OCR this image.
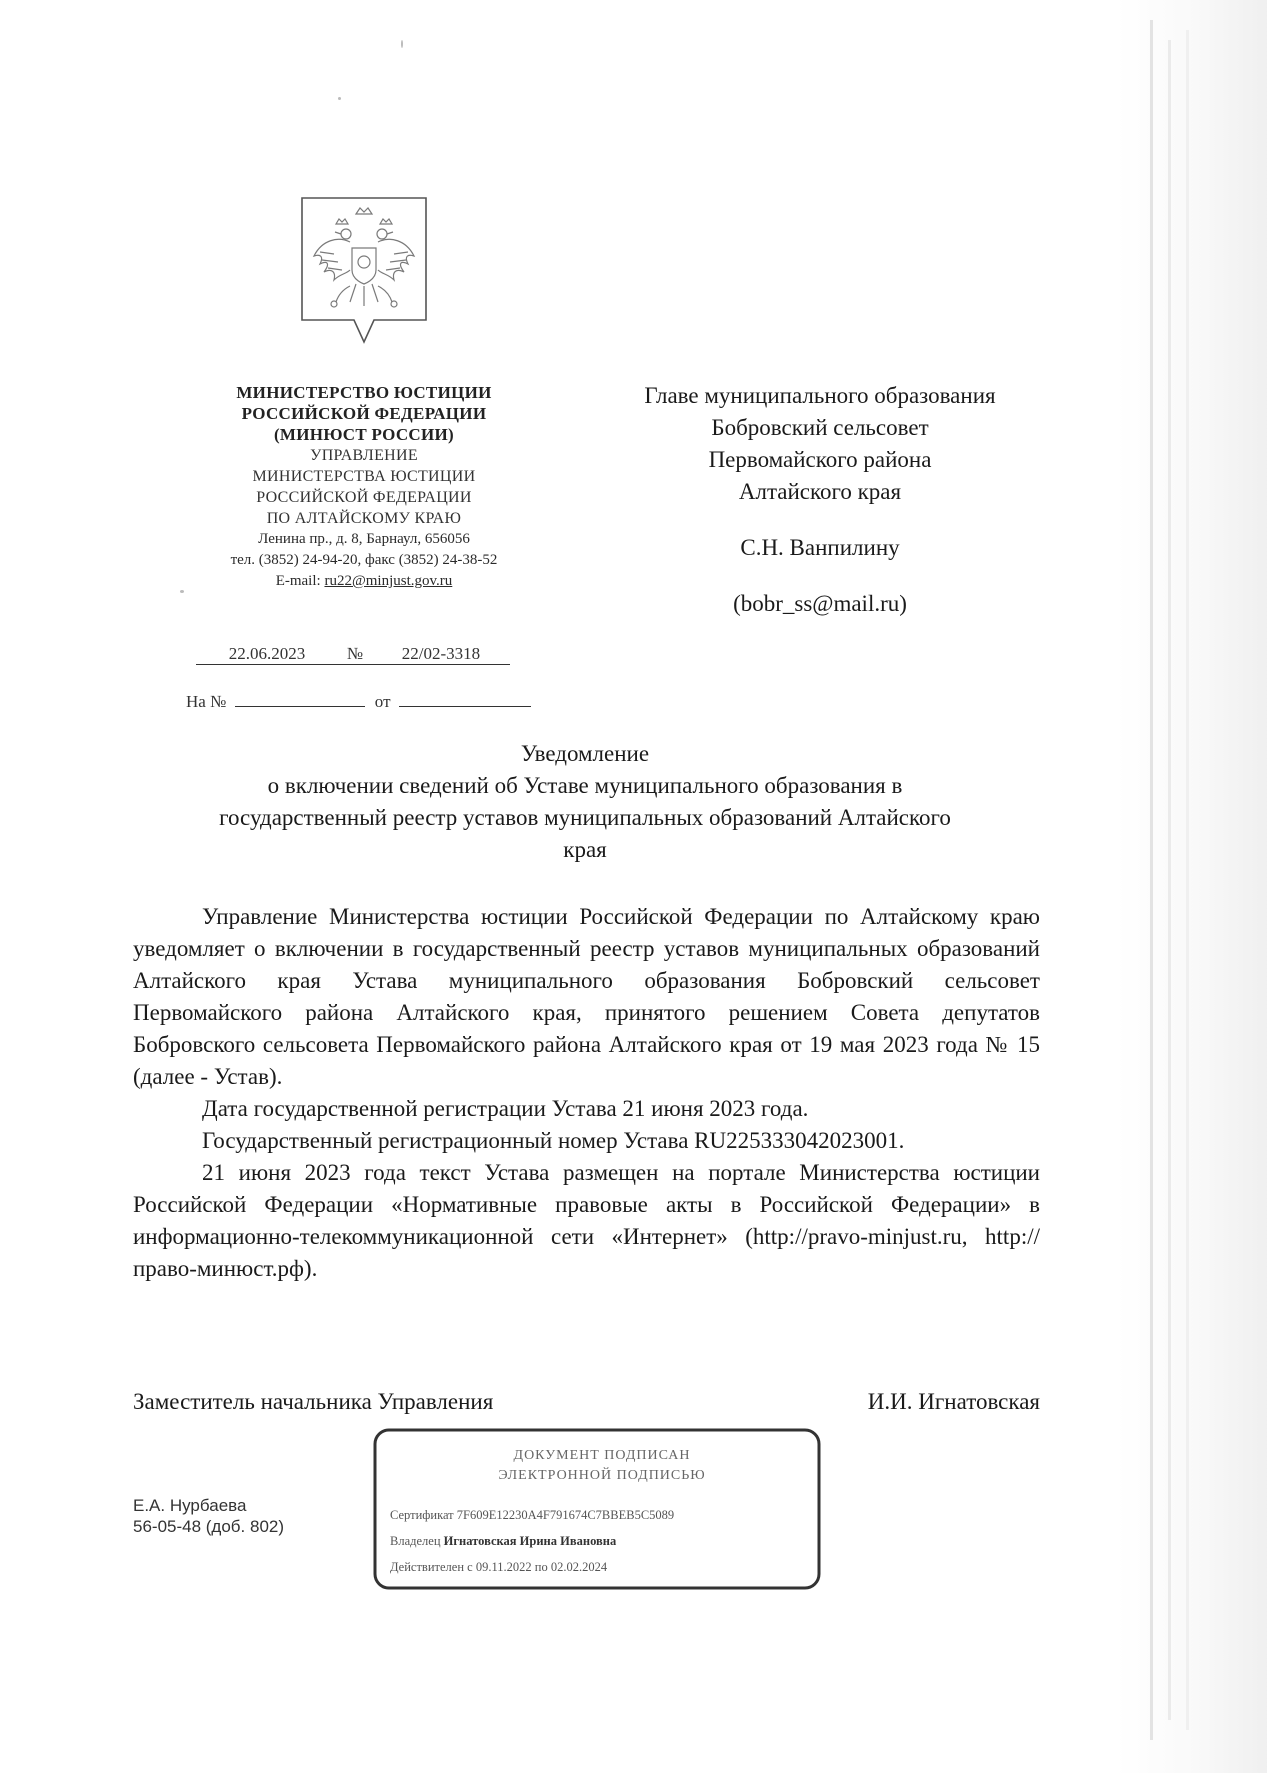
МИНИСТЕРСТВО ЮСТИЦИИ
РОССИЙСКОЙ ФЕДЕРАЦИИ
(МИНЮСТ РОССИИ)
УПРАВЛЕНИЕ
МИНИСТЕРСТВА ЮСТИЦИИ
РОССИЙСКОЙ ФЕДЕРАЦИИ
ПО АЛТАЙСКОМУ КРАЮ
Ленина пр., д. 8, Барнаул, 656056
тел. (3852) 24-94-20, факс (3852) 24-38-52
E-mail: ru22@minjust.gov.ru
22.06.2023 № 22/02-3318
На №	от
Главе муниципального образования
Бобровский сельсовет
Первомайского района
Алтайского края
С.Н. Ванпилину
(bobr_ss@mail.ru)
Уведомление
о включении сведений об Уставе муниципального образования в
государственный реестр уставов муниципальных образований Алтайского
края

Управление Министерства юстиции Российской Федерации по Алтайскому краю уведомляет о включении в государственный реестр уставов муниципальных образований Алтайского края Устава муниципального образования Бобровский сельсовет Первомайского района Алтайского края, принятого решением Совета депутатов Бобровского сельсовета Первомайского района Алтайского края от 19 мая 2023 года № 15 (далее - Устав).

Дата государственной регистрации Устава 21 июня 2023 года.

Государственный регистрационный номер Устава RU225333042023001.

21 июня 2023 года текст Устава размещен на портале Министерства юстиции Российской Федерации «Нормативные правовые акты в Российской Федерации» в информационно-телекоммуникационной сети «Интернет» (http://pravo-minjust.ru, http://право-минюст.рф).

Заместитель начальника Управления	И.И. Игнатовская
ДОКУМЕНТ ПОДПИСАН
ЭЛЕКТРОННОЙ ПОДПИСЬЮ
Сертификат 7F609E12230A4F791674C7BBEB5C5089
Владелец Игнатовская Ирина Ивановна
Действителен с 09.11.2022 по 02.02.2024
Е.А. Нурбаева
56-05-48 (доб. 802)
